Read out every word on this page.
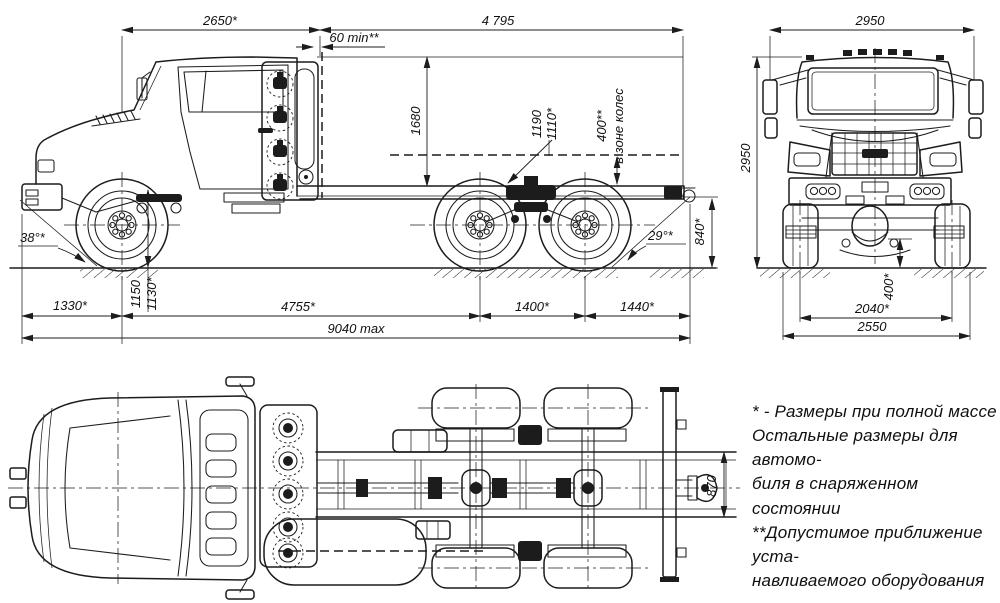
2650*	4 795
60 min**
1680	1190 1110*	400** в зоне колес
38°*	29°* 840*
1330*	1150 1130*	4755*	1400*	1440*
9040 max
2950
2950
400*
2040*
2550
870
* - Размеры при полной массе
Остальные размеры для автомо-
биля в снаряженном состоянии
**Допустимое приближение уста-
навливаемого оборудования
